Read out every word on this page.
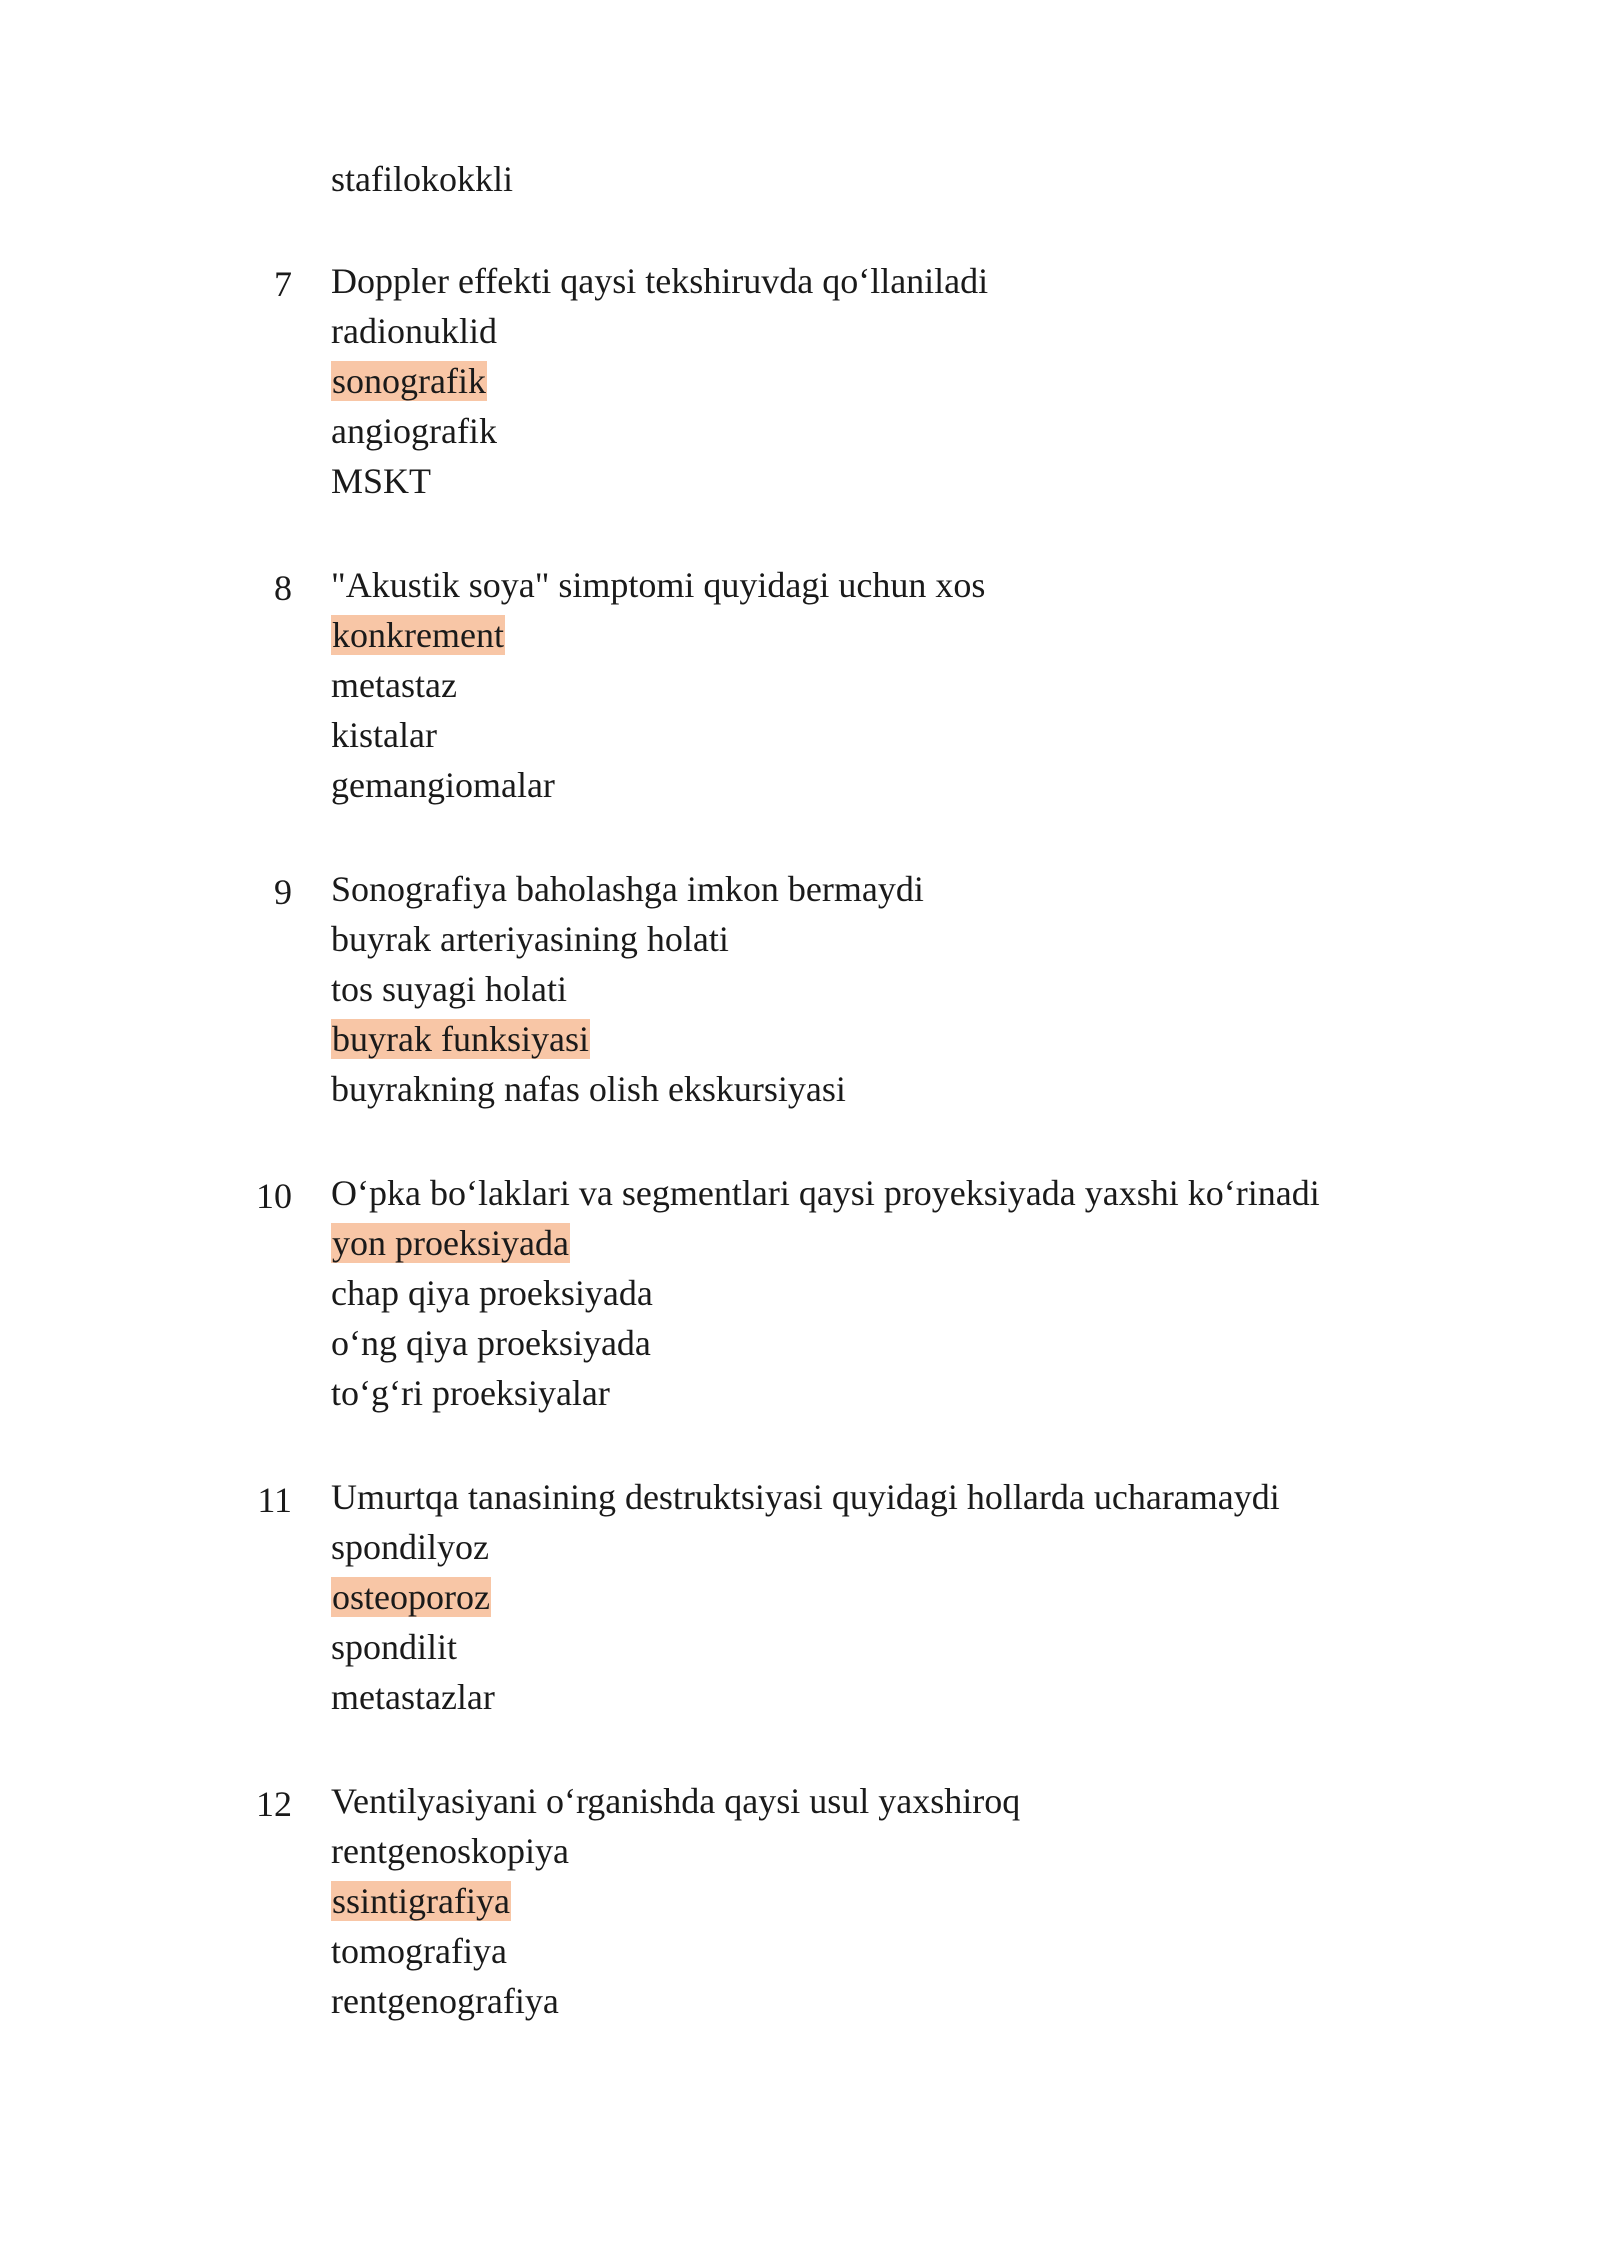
stafilokokkli
7 Doppler effekti qaysi tekshiruvda qo‘llaniladi
radionuklid
sonografik
angiografik
MSKT
8 "Akustik soya" simptomi quyidagi uchun xos
konkrement
metastaz
kistalar
gemangiomalar
9 Sonografiya baholashga imkon bermaydi
buyrak arteriyasining holati
tos suyagi holati
buyrak funksiyasi
buyrakning nafas olish ekskursiyasi
10 O‘pka bo‘laklari va segmentlari qaysi proyeksiyada yaxshi ko‘rinadi
yon proeksiyada
chap qiya proeksiyada
o‘ng qiya proeksiyada
to‘g‘ri proeksiyalar
11 Umurtqa tanasining destruktsiyasi quyidagi hollarda ucharamaydi
spondilyoz
osteoporoz
spondilit
metastazlar
12 Ventilyasiyani o‘rganishda qaysi usul yaxshiroq
rentgenoskopiya
ssintigrafiya
tomografiya
rentgenografiya
